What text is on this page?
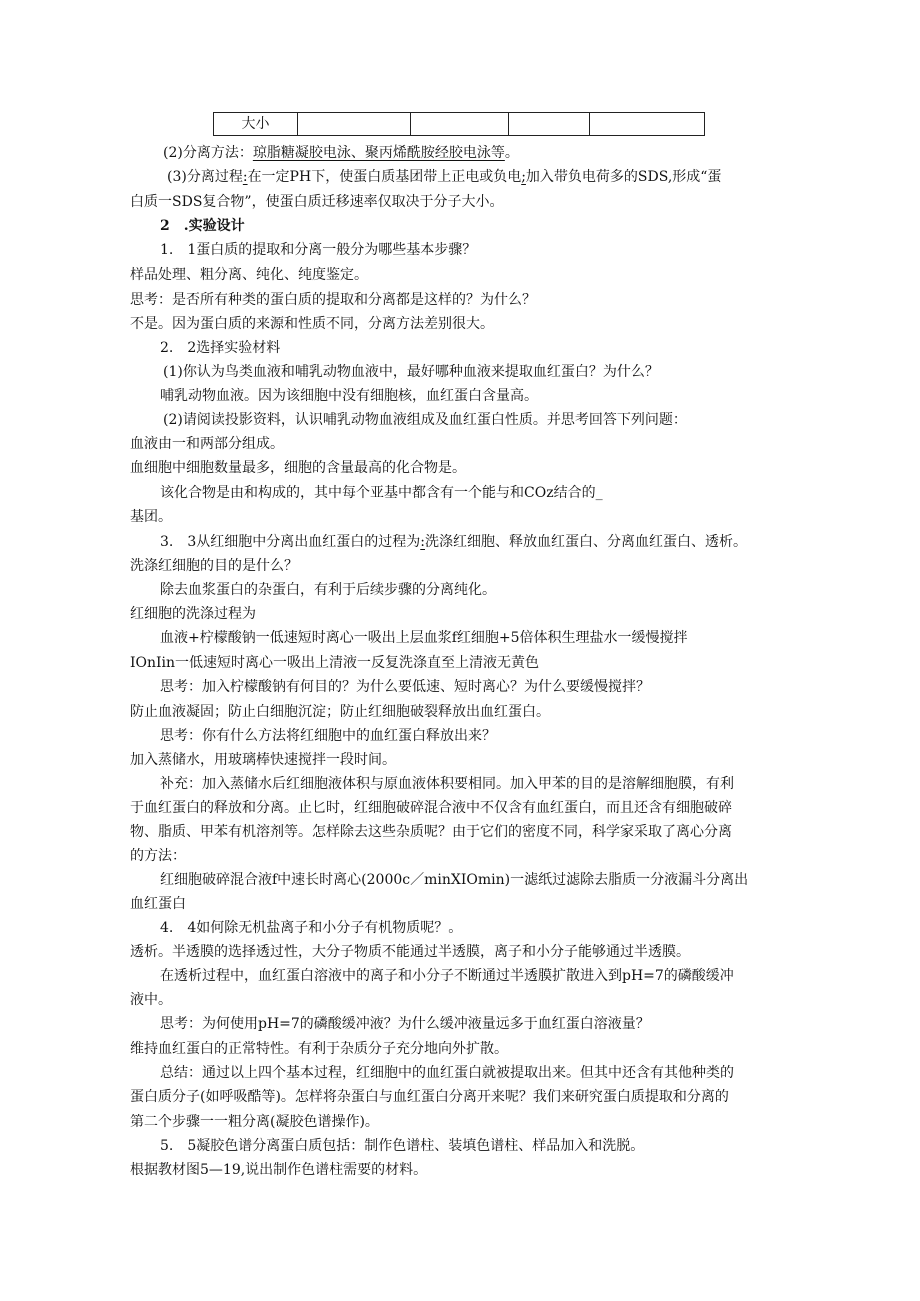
大小				
(2)分离方法：琼脂糖凝胶电泳、聚丙烯酰胺经胶电泳等。
(3)分离过程:在一定PH下，使蛋白质基团带上正电或负电;加入带负电荷多的SDS,形成“蛋
白质一SDS复合物”，使蛋白质迁移速率仅取决于分子大小。
2　.实验设计
1.　1蛋白质的提取和分离一般分为哪些基本步骤？
样品处理、粗分离、纯化、纯度鉴定。
思考：是否所有种类的蛋白质的提取和分离都是这样的？为什么？
不是。因为蛋白质的来源和性质不同，分离方法差别很大。
2.　2选择实验材料
(1)你认为鸟类血液和哺乳动物血液中，最好哪种血液来提取血红蛋白？为什么？
哺乳动物血液。因为该细胞中没有细胞核，血红蛋白含量高。
(2)请阅读投影资料，认识哺乳动物血液组成及血红蛋白性质。并思考回答下列问题：
血液由一和两部分组成。
血细胞中细胞数量最多，细胞的含量最高的化合物是。
该化合物是由和构成的，其中每个亚基中都含有一个能与和COz结合的_
基团。
3.　3从红细胞中分离出血红蛋白的过程为:洗涤红细胞、释放血红蛋白、分离血红蛋白、透析。
洗涤红细胞的目的是什么？
除去血浆蛋白的杂蛋白，有利于后续步骤的分离纯化。
红细胞的洗涤过程为
血液+柠檬酸钠一低速短时离心一吸出上层血浆f红细胞+5倍体积生理盐水一缓慢搅拌
IOnIin一低速短时离心一吸出上清液一反复洗涤直至上清液无黄色
思考：加入柠檬酸钠有何目的？为什么要低速、短时离心？为什么要缓慢搅拌？
防止血液凝固；防止白细胞沉淀；防止红细胞破裂释放出血红蛋白。
思考：你有什么方法将红细胞中的血红蛋白释放出来？
加入蒸储水，用玻璃棒快速搅拌一段时间。
补充：加入蒸储水后红细胞液体积与原血液体积要相同。加入甲苯的目的是溶解细胞膜，有利
于血红蛋白的释放和分离。止匕时，红细胞破碎混合液中不仅含有血红蛋白，而且还含有细胞破碎
物、脂质、甲苯有机溶剂等。怎样除去这些杂质呢？由于它们的密度不同，科学家采取了离心分离
的方法：
红细胞破碎混合液f中速长时离心(2000c／minXIOmin)一滤纸过滤除去脂质一分液漏斗分离出
血红蛋白
4.　4如何除无机盐离子和小分子有机物质呢？。
透析。半透膜的选择透过性，大分子物质不能通过半透膜，离子和小分子能够通过半透膜。
在透析过程中，血红蛋白溶液中的离子和小分子不断通过半透膜扩散进入到pH=7的磷酸缓冲
液中。
思考：为何使用pH=7的磷酸缓冲液？为什么缓冲液量远多于血红蛋白溶液量？
维持血红蛋白的正常特性。有利于杂质分子充分地向外扩散。
总结：通过以上四个基本过程，红细胞中的血红蛋白就被提取出来。但其中还含有其他种类的
蛋白质分子(如呼吸酷等)。怎样将杂蛋白与血红蛋白分离开来呢？我们来研究蛋白质提取和分离的
第二个步骤一一粗分离(凝胶色谱操作)。
5.　5凝胶色谱分离蛋白质包括：制作色谱柱、装填色谱柱、样品加入和洗脱。
根据教材图5—19,说出制作色谱柱需要的材料。
